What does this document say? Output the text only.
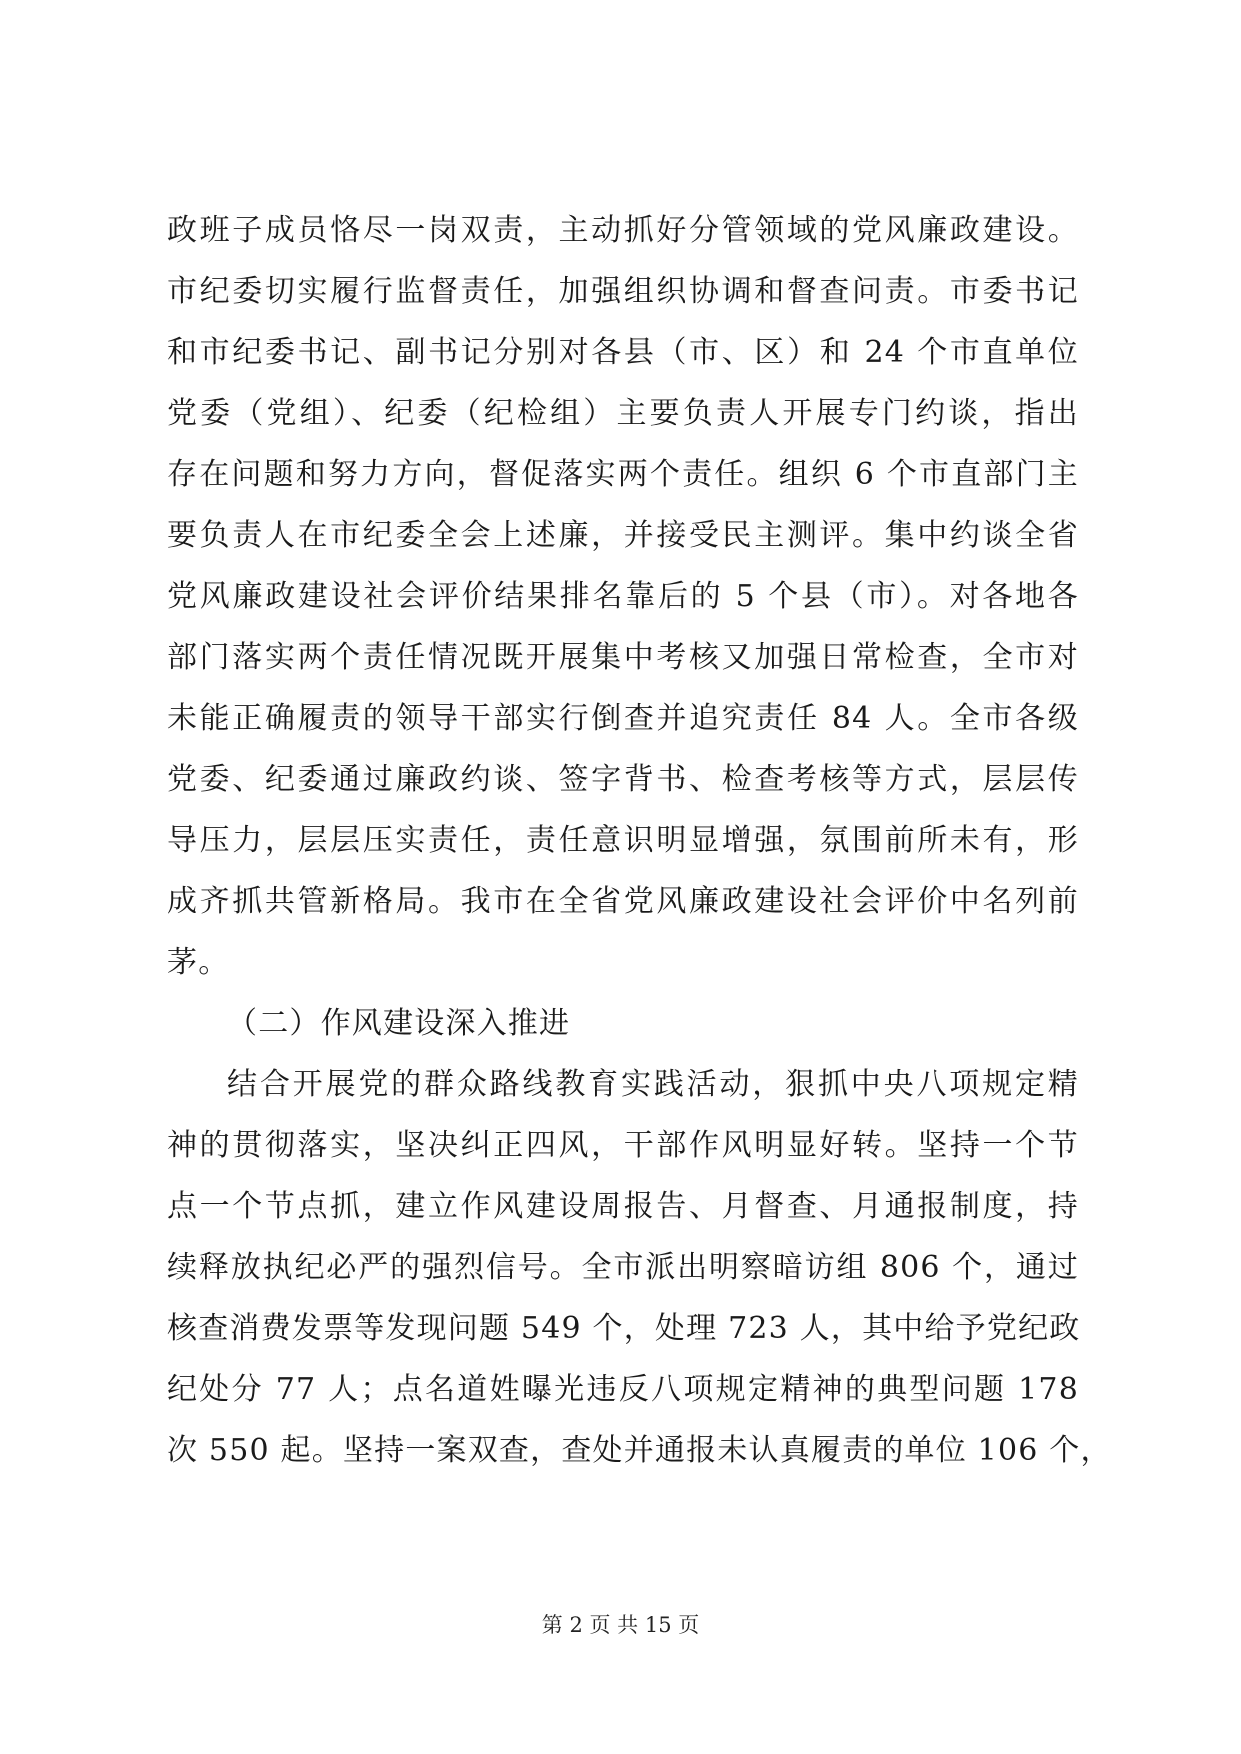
政班子成员恪尽一岗双责，主动抓好分管领域的党风廉政建设。
市纪委切实履行监督责任，加强组织协调和督查问责。市委书记
和市纪委书记、副书记分别对各县（市、区）和 24 个市直单位
党委（党组）、纪委（纪检组）主要负责人开展专门约谈，指出
存在问题和努力方向，督促落实两个责任。组织 6 个市直部门主
要负责人在市纪委全会上述廉，并接受民主测评。集中约谈全省
党风廉政建设社会评价结果排名靠后的 5 个县（市）。对各地各
部门落实两个责任情况既开展集中考核又加强日常检查，全市对
未能正确履责的领导干部实行倒查并追究责任 84 人。全市各级
党委、纪委通过廉政约谈、签字背书、检查考核等方式，层层传
导压力，层层压实责任，责任意识明显增强，氛围前所未有，形
成齐抓共管新格局。我市在全省党风廉政建设社会评价中名列前
茅。
（二）作风建设深入推进
结合开展党的群众路线教育实践活动，狠抓中央八项规定精
神的贯彻落实，坚决纠正四风，干部作风明显好转。坚持一个节
点一个节点抓，建立作风建设周报告、月督查、月通报制度，持
续释放执纪必严的强烈信号。全市派出明察暗访组 806 个，通过
核查消费发票等发现问题 549 个，处理 723 人，其中给予党纪政
纪处分 77 人；点名道姓曝光违反八项规定精神的典型问题 178
次 550 起。坚持一案双查，查处并通报未认真履责的单位 106 个，
第 2 页 共 15 页
